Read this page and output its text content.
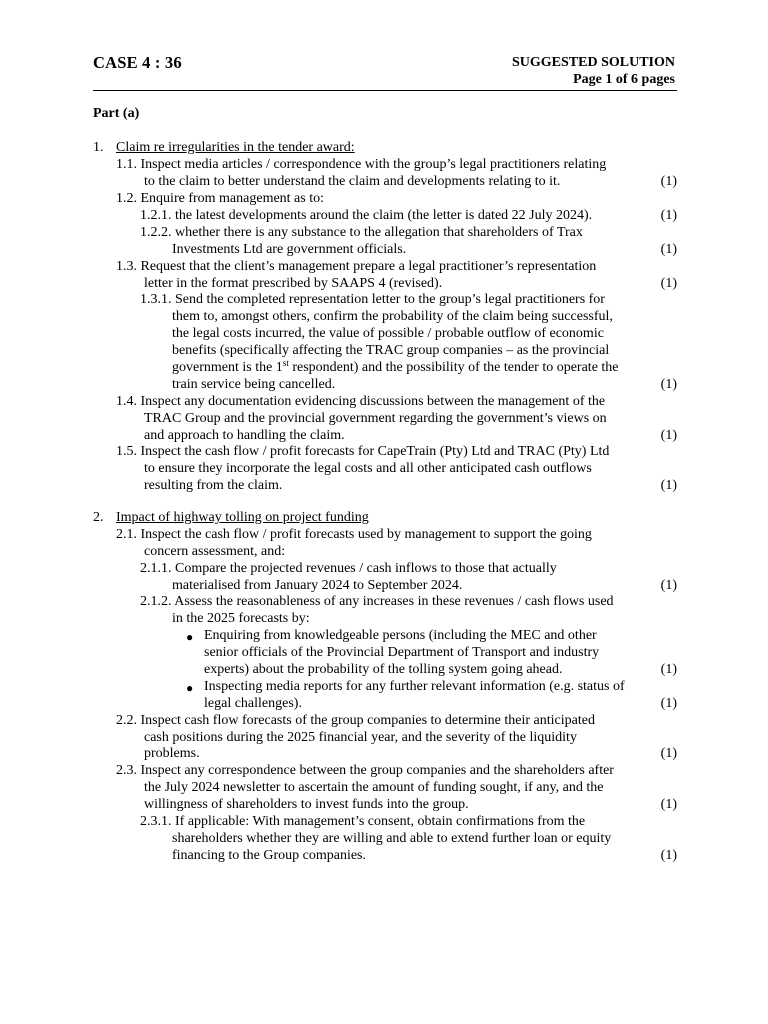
CASE 4 : 36	SUGGESTED SOLUTION
Page 1 of 6 pages
Part (a)
1. Claim re irregularities in the tender award:
1.1. Inspect media articles / correspondence with the group’s legal practitioners relating
to the claim to better understand the claim and developments relating to it.	(1)
1.2. Enquire from management as to:
1.2.1. the latest developments around the claim (the letter is dated 22 July 2024).	(1)
1.2.2. whether there is any substance to the allegation that shareholders of Trax
Investments Ltd are government officials.	(1)
1.3. Request that the client’s management prepare a legal practitioner’s representation
letter in the format prescribed by SAAPS 4 (revised).	(1)
1.3.1. Send the completed representation letter to the group’s legal practitioners for
them to, amongst others, confirm the probability of the claim being successful,
the legal costs incurred, the value of possible / probable outflow of economic
benefits (specifically affecting the TRAC group companies – as the provincial
government is the 1st respondent) and the possibility of the tender to operate the
train service being cancelled.	(1)
1.4. Inspect any documentation evidencing discussions between the management of the
TRAC Group and the provincial government regarding the government’s views on
and approach to handling the claim.	(1)
1.5. Inspect the cash flow / profit forecasts for CapeTrain (Pty) Ltd and TRAC (Pty) Ltd
to ensure they incorporate the legal costs and all other anticipated cash outflows
resulting from the claim.	(1)
2. Impact of highway tolling on project funding
2.1. Inspect the cash flow / profit forecasts used by management to support the going
concern assessment, and:
2.1.1. Compare the projected revenues / cash inflows to those that actually
materialised from January 2024 to September 2024.	(1)
2.1.2. Assess the reasonableness of any increases in these revenues / cash flows used
in the 2025 forecasts by:
● Enquiring from knowledgeable persons (including the MEC and other
senior officials of the Provincial Department of Transport and industry
experts) about the probability of the tolling system going ahead.	(1)
● Inspecting media reports for any further relevant information (e.g. status of
legal challenges).	(1)
2.2. Inspect cash flow forecasts of the group companies to determine their anticipated
cash positions during the 2025 financial year, and the severity of the liquidity
problems.	(1)
2.3. Inspect any correspondence between the group companies and the shareholders after
the July 2024 newsletter to ascertain the amount of funding sought, if any, and the
willingness of shareholders to invest funds into the group.	(1)
2.3.1. If applicable: With management’s consent, obtain confirmations from the
shareholders whether they are willing and able to extend further loan or equity
financing to the Group companies.	(1)
